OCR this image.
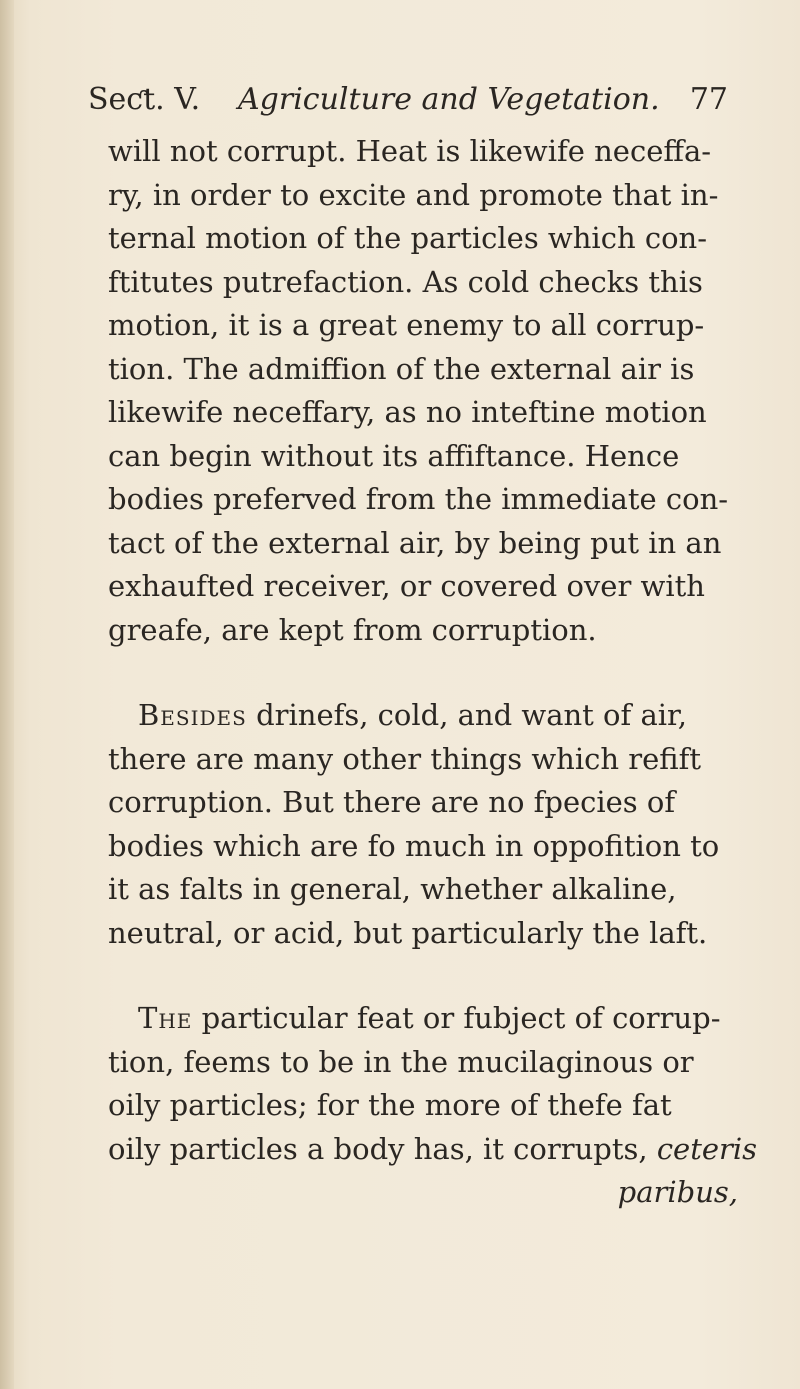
Seƈt. V. Agriculture and Vegetation. 77
will not corrupt. Heat is likewife neceffa-
ry, in order to excite and promote that in-
ternal motion of the particles which con-
ftitutes putrefaction. As cold checks this
motion, it is a great enemy to all corrup-
tion. The admiffion of the external air is
likewife neceffary, as no inteftine motion
can begin without its affiftance. Hence
bodies preferved from the immediate con-
tact of the external air, by being put in an
exhaufted receiver, or covered over with
greafe, are kept from corruption.
Besides drinefs, cold, and want of air,
there are many other things which refift
corruption. But there are no fpecies of
bodies which are fo much in oppofition to
it as falts in general, whether alkaline,
neutral, or acid, but particularly the laft.
The particular feat or fubject of corrup-
tion, feems to be in the mucilaginous or
oily particles; for the more of thefe fat
oily particles a body has, it corrupts, ceteris
paribus,
